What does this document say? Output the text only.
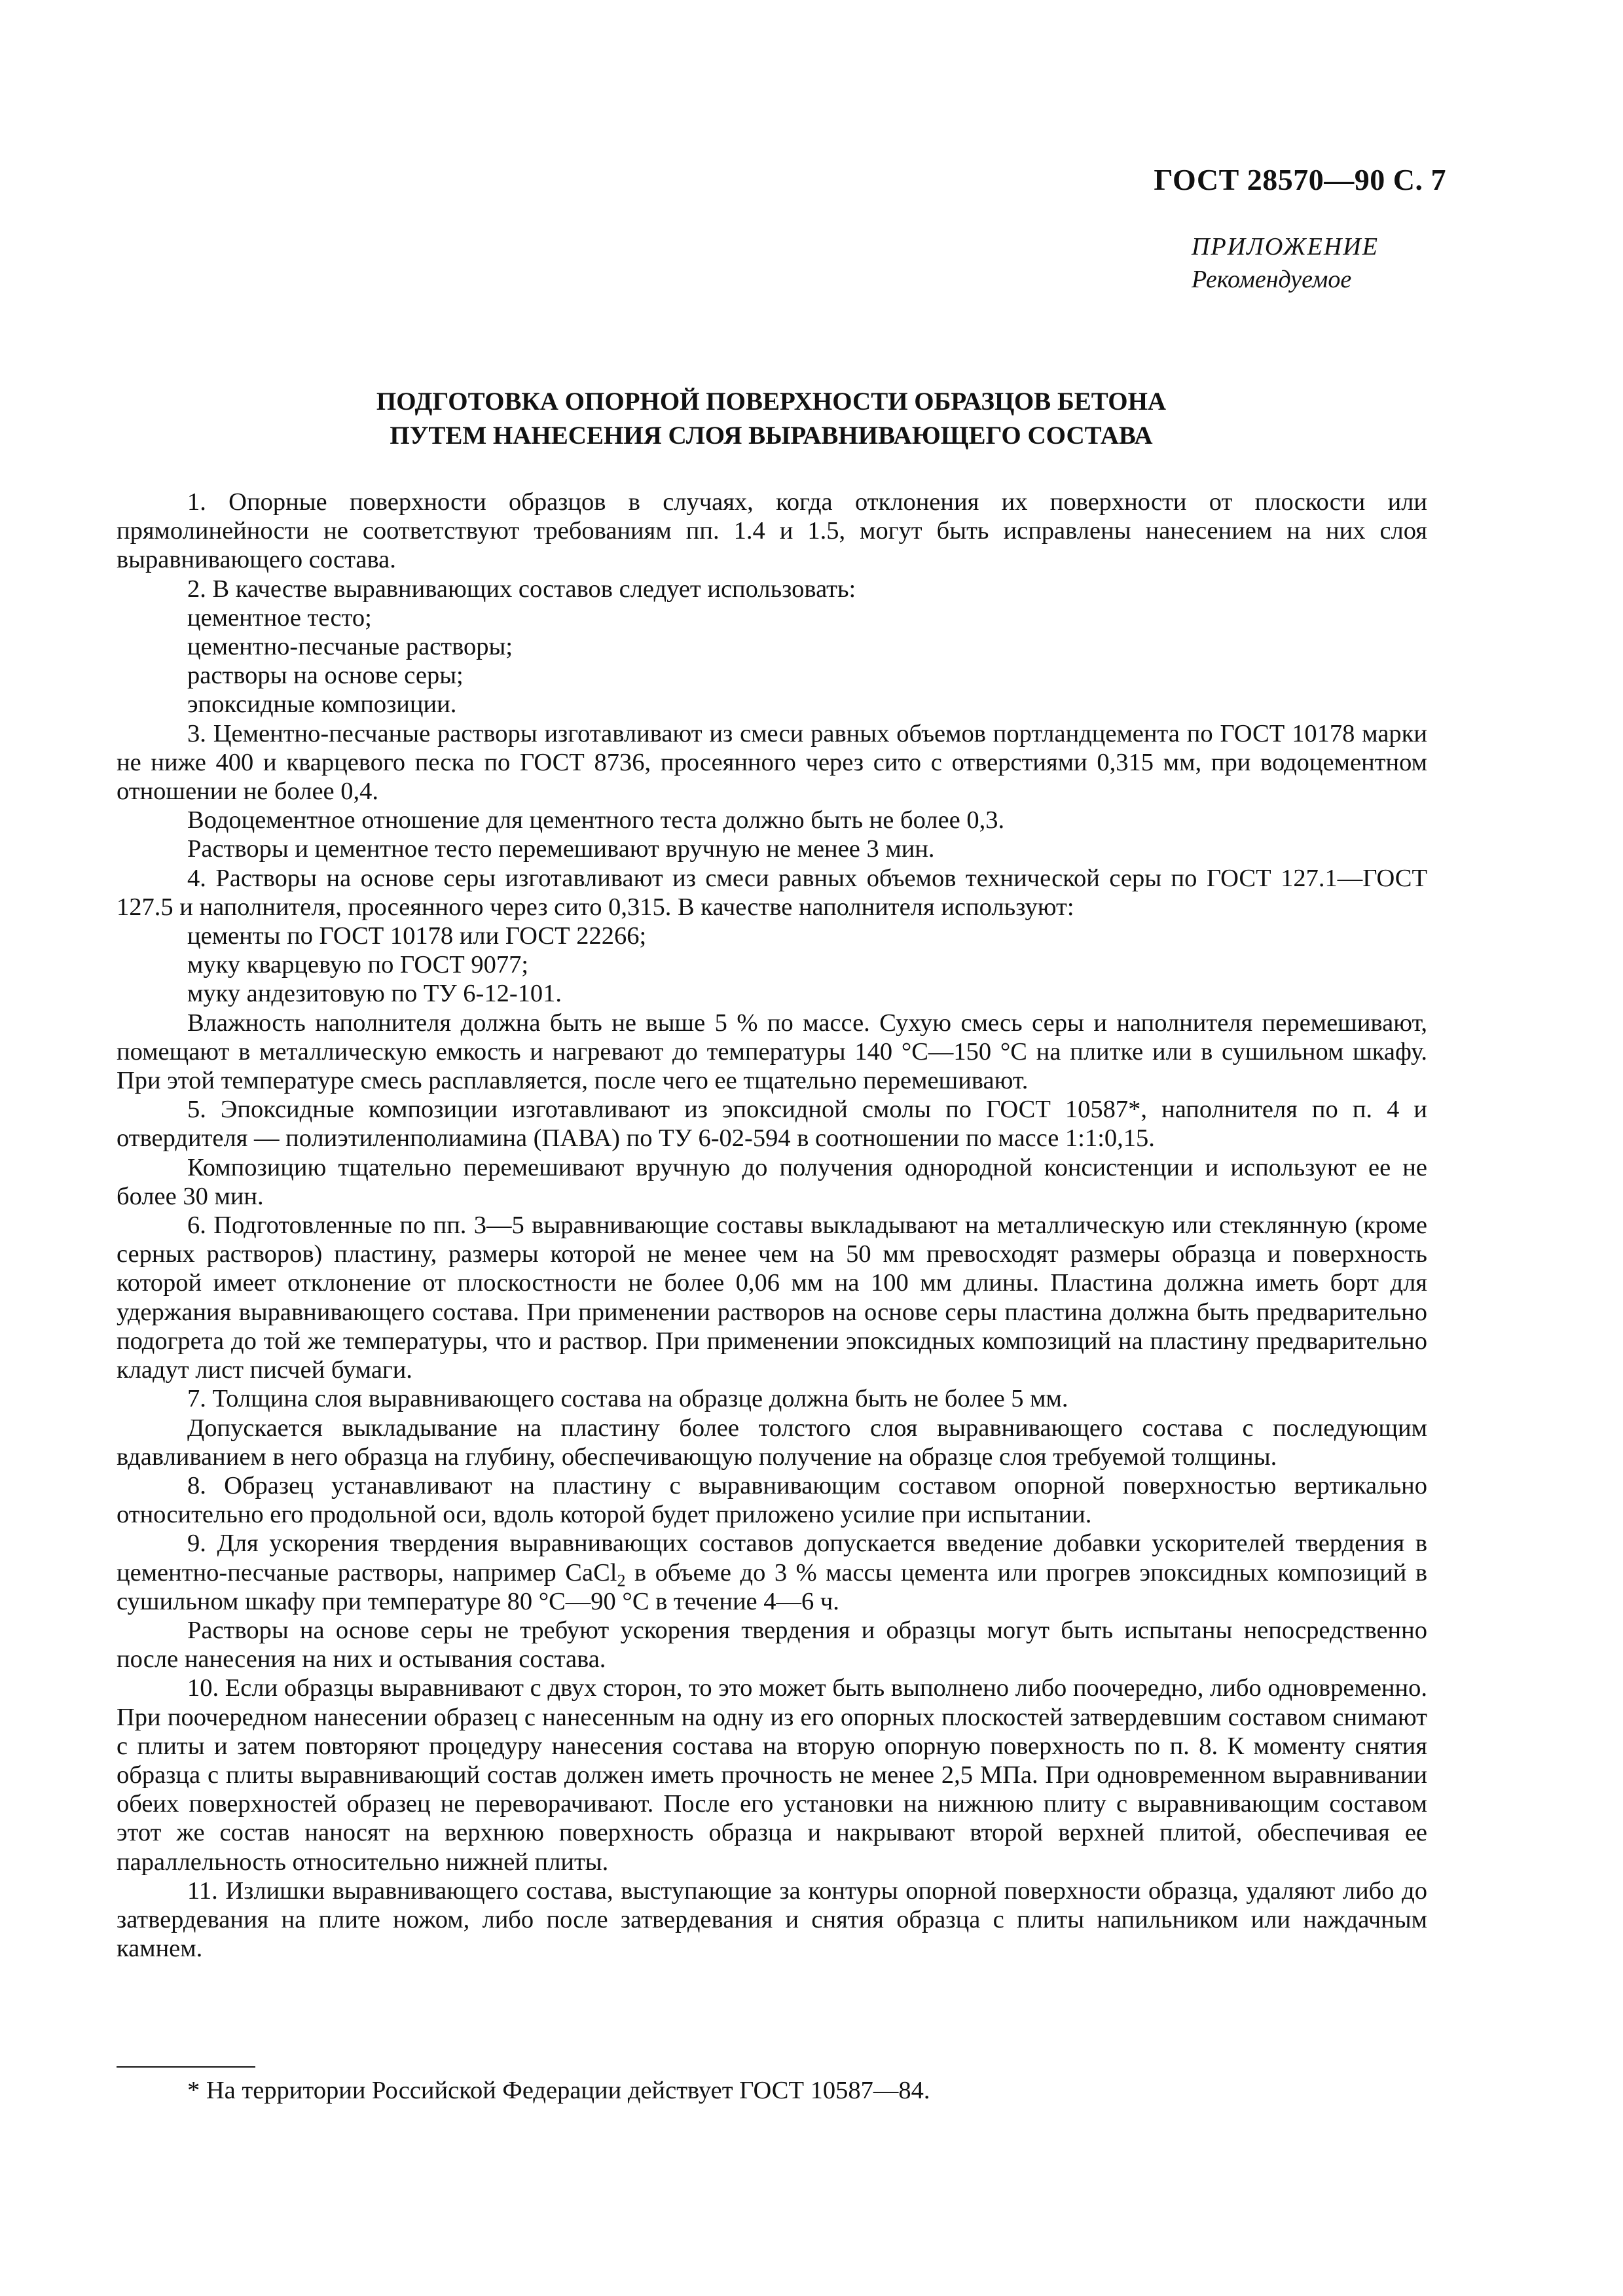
ГОСТ 28570—90 С. 7
ПРИЛОЖЕНИЕ
Рекомендуемое
ПОДГОТОВКА ОПОРНОЙ ПОВЕРХНОСТИ ОБРАЗЦОВ БЕТОНА
ПУТЕМ НАНЕСЕНИЯ СЛОЯ ВЫРАВНИВАЮЩЕГО СОСТАВА

1. Опорные поверхности образцов в случаях, когда отклонения их поверхности от плоскости или прямолинейности не соответствуют требованиям пп. 1.4 и 1.5, могут быть исправлены нанесением на них слоя выравнивающего состава.

2. В качестве выравнивающих составов следует использовать:

цементное тесто;

цементно-песчаные растворы;

растворы на основе серы;

эпоксидные композиции.

3. Цементно-песчаные растворы изготавливают из смеси равных объемов портландцемента по ГОСТ 10178 марки не ниже 400 и кварцевого песка по ГОСТ 8736, просеянного через сито с отверстиями 0,315 мм, при водоцементном отношении не более 0,4.

Водоцементное отношение для цементного теста должно быть не более 0,3.

Растворы и цементное тесто перемешивают вручную не менее 3 мин.

4. Растворы на основе серы изготавливают из смеси равных объемов технической серы по ГОСТ 127.1—ГОСТ 127.5 и наполнителя, просеянного через сито 0,315. В качестве наполнителя используют:

цементы по ГОСТ 10178 или ГОСТ 22266;

муку кварцевую по ГОСТ 9077;

муку андезитовую по ТУ 6-12-101.

Влажность наполнителя должна быть не выше 5 % по массе. Сухую смесь серы и наполнителя перемешивают, помещают в металлическую емкость и нагревают до температуры 140 °С—150 °С на плитке или в сушильном шкафу. При этой температуре смесь расплавляется, после чего ее тщательно перемешивают.

5. Эпоксидные композиции изготавливают из эпоксидной смолы по ГОСТ 10587*, наполнителя по п. 4 и отвердителя — полиэтиленполиамина (ПАВА) по ТУ 6-02-594 в соотношении по массе 1:1:0,15.

Композицию тщательно перемешивают вручную до получения однородной консистенции и используют ее не более 30 мин.

6. Подготовленные по пп. 3—5 выравнивающие составы выкладывают на металлическую или стеклянную (кроме серных растворов) пластину, размеры которой не менее чем на 50 мм превосходят размеры образца и поверхность которой имеет отклонение от плоскостности не более 0,06 мм на 100 мм длины. Пластина должна иметь борт для удержания выравнивающего состава. При применении растворов на основе серы пластина должна быть предварительно подогрета до той же температуры, что и раствор. При применении эпоксидных композиций на пластину предварительно кладут лист писчей бумаги.

7. Толщина слоя выравнивающего состава на образце должна быть не более 5 мм.

Допускается выкладывание на пластину более толстого слоя выравнивающего состава с последующим вдавливанием в него образца на глубину, обеспечивающую получение на образце слоя требуемой толщины.

8. Образец устанавливают на пластину с выравнивающим составом опорной поверхностью вертикально относительно его продольной оси, вдоль которой будет приложено усилие при испытании.

9. Для ускорения твердения выравнивающих составов допускается введение добавки ускорителей твердения в цементно-песчаные растворы, например CaCl$_2$ в объеме до 3 % массы цемента или прогрев эпоксидных композиций в сушильном шкафу при температуре 80 °С—90 °С в течение 4—6 ч.

Растворы на основе серы не требуют ускорения твердения и образцы могут быть испытаны непосредственно после нанесения на них и остывания состава.

10. Если образцы выравнивают с двух сторон, то это может быть выполнено либо поочередно, либо одновременно. При поочередном нанесении образец с нанесенным на одну из его опорных плоскостей затвердевшим составом снимают с плиты и затем повторяют процедуру нанесения состава на вторую опорную поверхность по п. 8. К моменту снятия образца с плиты выравнивающий состав должен иметь прочность не менее 2,5 МПа. При одновременном выравнивании обеих поверхностей образец не переворачивают. После его установки на нижнюю плиту с выравнивающим составом этот же состав наносят на верхнюю поверхность образца и накрывают второй верхней плитой, обеспечивая ее параллельность относительно нижней плиты.

11. Излишки выравнивающего состава, выступающие за контуры опорной поверхности образца, удаляют либо до затвердевания на плите ножом, либо после затвердевания и снятия образца с плиты напильником или наждачным камнем.

* На территории Российской Федерации действует ГОСТ 10587—84.
